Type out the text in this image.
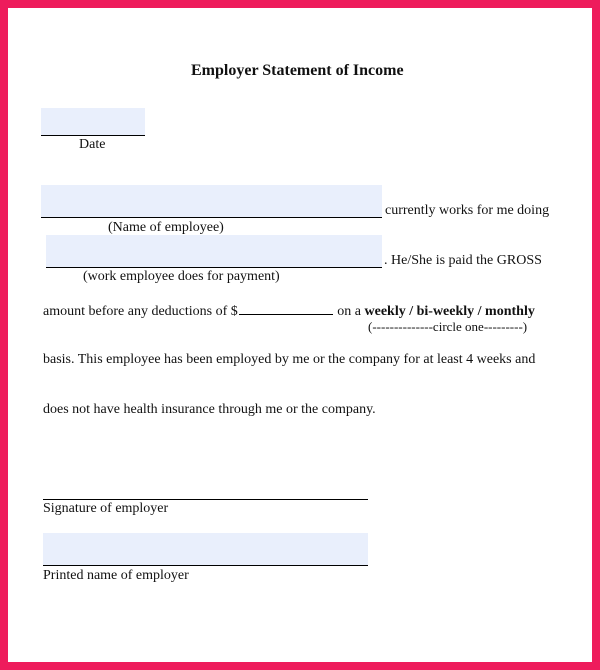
Employer Statement of Income
Date
currently works for me doing
(Name of employee)
. He/She is paid the GROSS
(work employee does for payment)
amount before any deductions of $	on a weekly / bi-weekly / monthly
(--------------circle one---------)
basis. This employee has been employed by me or the company for at least 4 weeks and
does not have health insurance through me or the company.
Signature of employer
Printed name of employer
